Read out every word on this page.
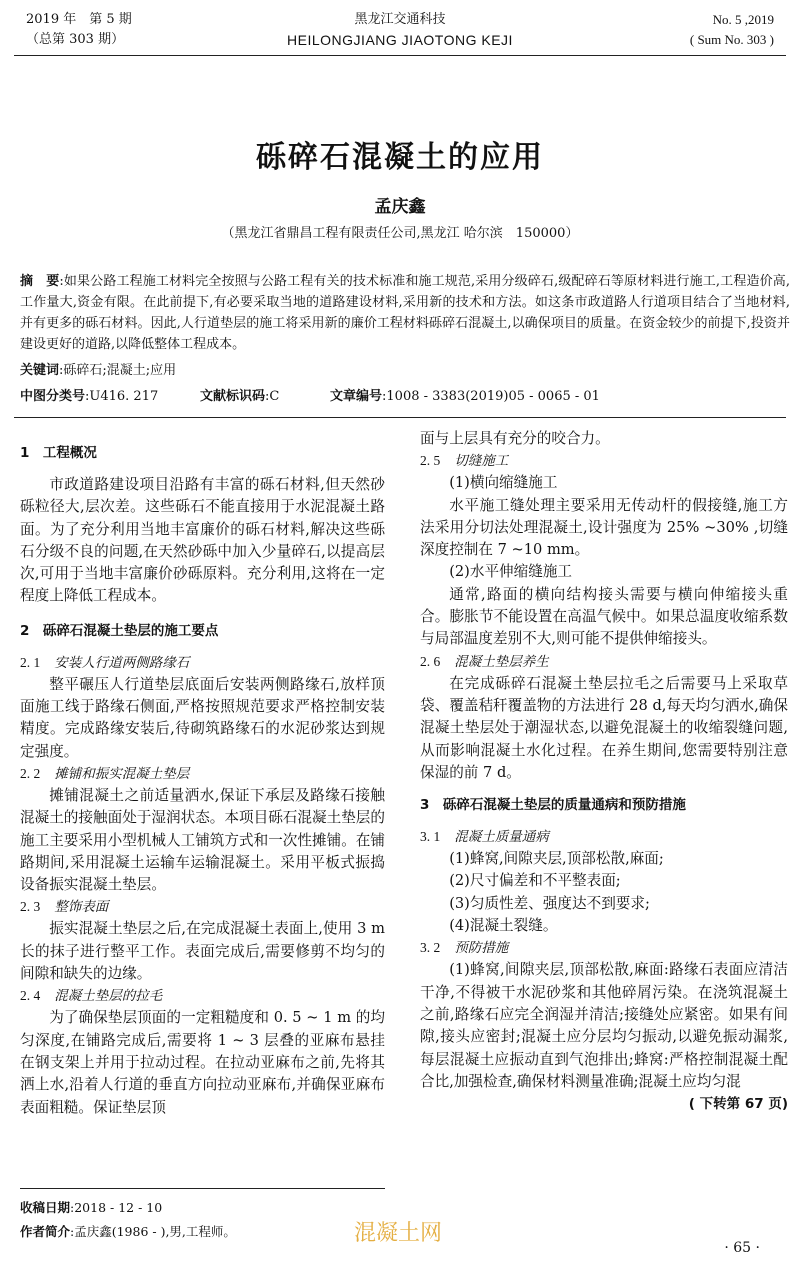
2019 年　第 5 期
（总第 303 期）
黑龙江交通科技
HEILONGJIANG JIAOTONG KEJI
No. 5 ,2019
( Sum No. 303 )
砾碎石混凝土的应用
孟庆鑫
（黑龙江省鼎昌工程有限责任公司,黑龙江 哈尔滨　150000）
摘　要:如果公路工程施工材料完全按照与公路工程有关的技术标准和施工规范,采用分级碎石,级配碎石等原材料进行施工,工程造价高,工作量大,资金有限。在此前提下,有必要采取当地的道路建设材料,采用新的技术和方法。如这条市政道路人行道项目结合了当地材料,并有更多的砾石材料。因此,人行道垫层的施工将采用新的廉价工程材料砾碎石混凝土,以确保项目的质量。在资金较少的前提下,投资并建设更好的道路,以降低整体工程成本。
关键词:砾碎石;混凝土;应用
中图分类号:U416. 217	文献标识码:C	文章编号:1008 - 3383(2019)05 - 0065 - 01
1　工程概况

市政道路建设项目沿路有丰富的砾石材料,但天然砂砾粒径大,层次差。这些砾石不能直接用于水泥混凝土路面。为了充分利用当地丰富廉价的砾石材料,解决这些砾石分级不良的问题,在天然砂砾中加入少量碎石,以提高层次,可用于当地丰富廉价砂砾原料。充分利用,这将在一定程度上降低工程成本。

2　砾碎石混凝土垫层的施工要点
2. 1 安装人行道两侧路缘石

整平碾压人行道垫层底面后安装两侧路缘石,放样顶面施工线于路缘石侧面,严格按照规范要求严格控制安装精度。完成路缘安装后,待砌筑路缘石的水泥砂浆达到规定强度。

2. 2 摊铺和振实混凝土垫层

摊铺混凝土之前适量洒水,保证下承层及路缘石接触混凝土的接触面处于湿润状态。本项目砾石混凝土垫层的施工主要采用小型机械人工铺筑方式和一次性摊铺。在铺路期间,采用混凝土运输车运输混凝土。采用平板式振捣设备振实混凝土垫层。

2. 3 整饰表面

振实混凝土垫层之后,在完成混凝土表面上,使用 3 m 长的抹子进行整平工作。表面完成后,需要修剪不均匀的间隙和缺失的边缘。

2. 4 混凝土垫层的拉毛

为了确保垫层顶面的一定粗糙度和 0. 5 ~ 1 m 的均匀深度,在铺路完成后,需要将 1 ~ 3 层叠的亚麻布悬挂在钢支架上并用于拉动过程。在拉动亚麻布之前,先将其洒上水,沿着人行道的垂直方向拉动亚麻布,并确保亚麻布表面粗糙。保证垫层顶

面与上层具有充分的咬合力。

2. 5 切缝施工

(1)横向缩缝施工

水平施工缝处理主要采用无传动杆的假接缝,施工方法采用分切法处理混凝土,设计强度为 25% ~30% ,切缝深度控制在 7 ~10 mm。

(2)水平伸缩缝施工

通常,路面的横向结构接头需要与横向伸缩接头重合。膨胀节不能设置在高温气候中。如果总温度收缩系数与局部温度差别不大,则可能不提供伸缩接头。

2. 6 混凝土垫层养生

在完成砾碎石混凝土垫层拉毛之后需要马上采取草袋、覆盖秸秆覆盖物的方法进行 28 d,每天均匀洒水,确保混凝土垫层处于潮湿状态,以避免混凝土的收缩裂缝问题,从而影响混凝土水化过程。在养生期间,您需要特别注意保湿的前 7 d。

3　砾碎石混凝土垫层的质量通病和预防措施
3. 1 混凝土质量通病

(1)蜂窝,间隙夹层,顶部松散,麻面;

(2)尺寸偏差和不平整表面;

(3)匀质性差、强度达不到要求;

(4)混凝土裂缝。

3. 2 预防措施

(1)蜂窝,间隙夹层,顶部松散,麻面:路缘石表面应清洁干净,不得被干水泥砂浆和其他碎屑污染。在浇筑混凝土之前,路缘石应完全润湿并清洁;接缝处应紧密。如果有间隙,接头应密封;混凝土应分层均匀振动,以避免振动漏浆,每层混凝土应振动直到气泡排出;蜂窝:严格控制混凝土配合比,加强检查,确保材料测量准确;混凝土应均匀混

( 下转第 67 页)
收稿日期:2018 - 12 - 10
作者简介:孟庆鑫(1986 - ),男,工程师。	混凝土网
· 65 ·
